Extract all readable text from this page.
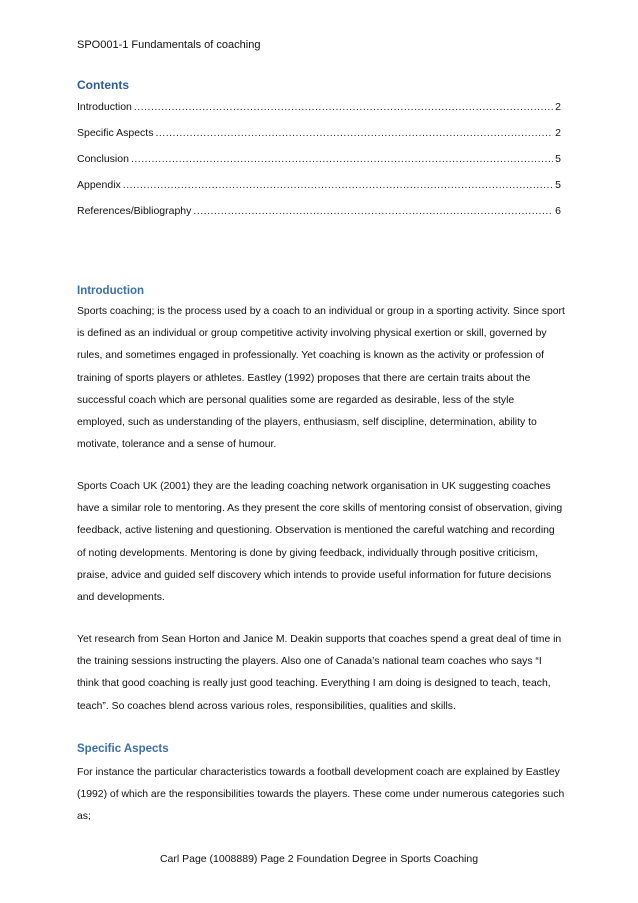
SPO001-1 Fundamentals of coaching
Contents
Introduction .....	2
Specific Aspects .....	2
Conclusion .....	5
Appendix .....	5
References/Bibliography .....	6
Introduction

Sports coaching; is the process used by a coach to an individual or group in a sporting activity. Since sport is defined as an individual or group competitive activity involving physical exertion or skill, governed by rules, and sometimes engaged in professionally. Yet coaching is known as the activity or profession of training of sports players or athletes. Eastley (1992) proposes that there are certain traits about the successful coach which are personal qualities some are regarded as desirable, less of the style employed, such as understanding of the players, enthusiasm, self discipline, determination, ability to motivate, tolerance and a sense of humour.

Sports Coach UK (2001) they are the leading coaching network organisation in UK suggesting coaches have a similar role to mentoring. As they present the core skills of mentoring consist of observation, giving feedback, active listening and questioning. Observation is mentioned the careful watching and recording of noting developments. Mentoring is done by giving feedback, individually through positive criticism, praise, advice and guided self discovery which intends to provide useful information for future decisions and developments.

Yet research from Sean Horton and Janice M. Deakin supports that coaches spend a great deal of time in the training sessions instructing the players. Also one of Canada’s national team coaches who says “I think that good coaching is really just good teaching. Everything I am doing is designed to teach, teach, teach”. So coaches blend across various roles, responsibilities, qualities and skills.

Specific Aspects

For instance the particular characteristics towards a football development coach are explained by Eastley (1992) of which are the responsibilities towards the players. These come under numerous categories such as;

Carl Page (1008889) Page 2 Foundation Degree in Sports Coaching
